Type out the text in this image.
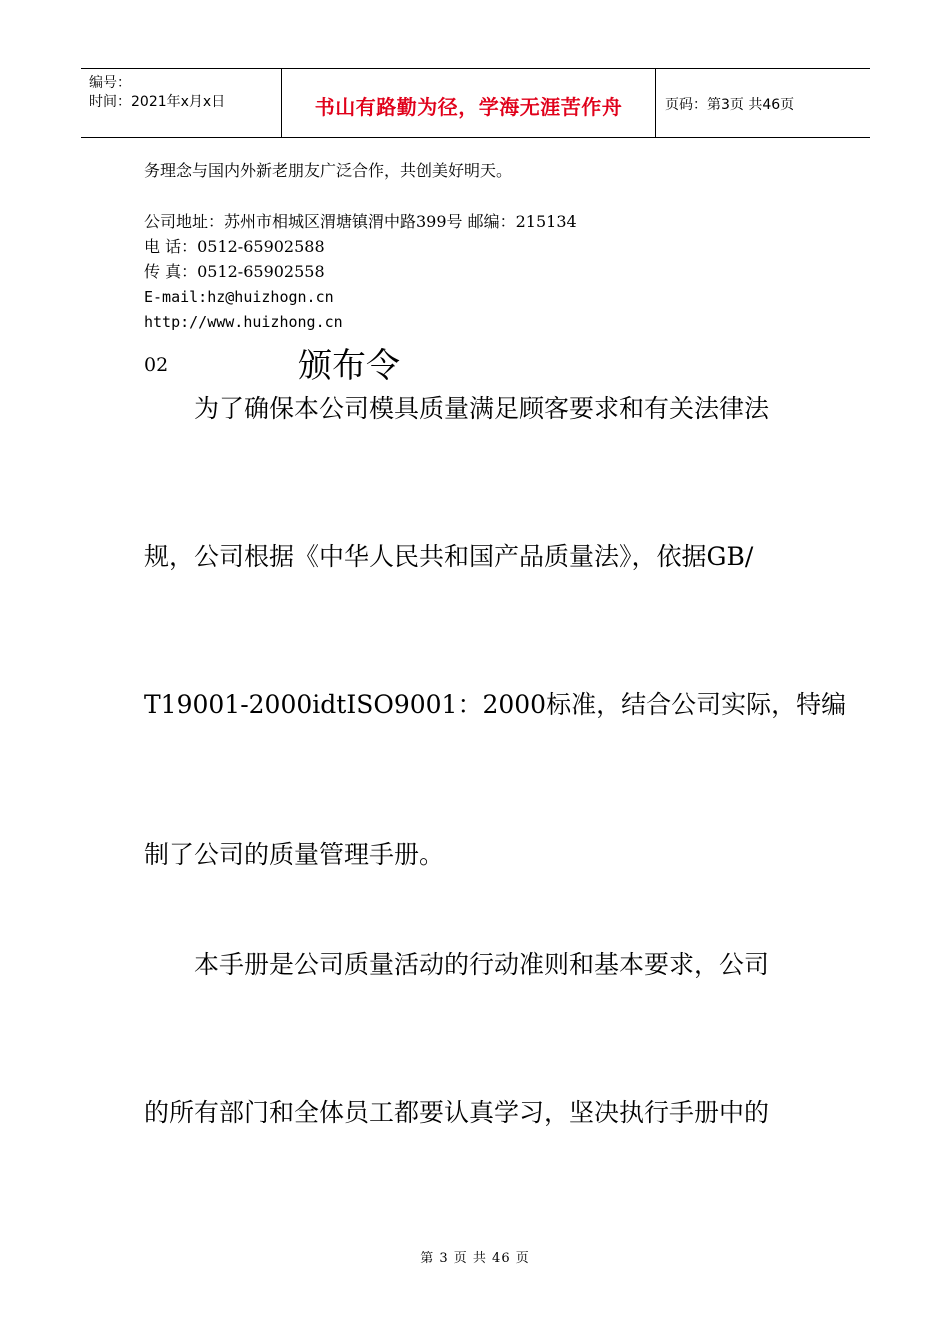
编号：
时间：2021年x月x日	书山有路勤为径，学海无涯苦作舟	页码：第3页 共46页
务理念与国内外新老朋友广泛合作，共创美好明天。
公司地址：苏州市相城区渭塘镇渭中路399号 邮编：215134
电 话：0512-65902588
传 真：0512-65902558
E-mail:hz@huizhogn.cn
http://www.huizhong.cn
02	颁布令
为了确保本公司模具质量满足顾客要求和有关法律法
规，公司根据《中华人民共和国产品质量法》，依据GB/
T19001-2000idtISO9001：2000标准，结合公司实际，特编
制了公司的质量管理手册。
本手册是公司质量活动的行动准则和基本要求，公司
的所有部门和全体员工都要认真学习，坚决执行手册中的
第 3 页 共 46 页
